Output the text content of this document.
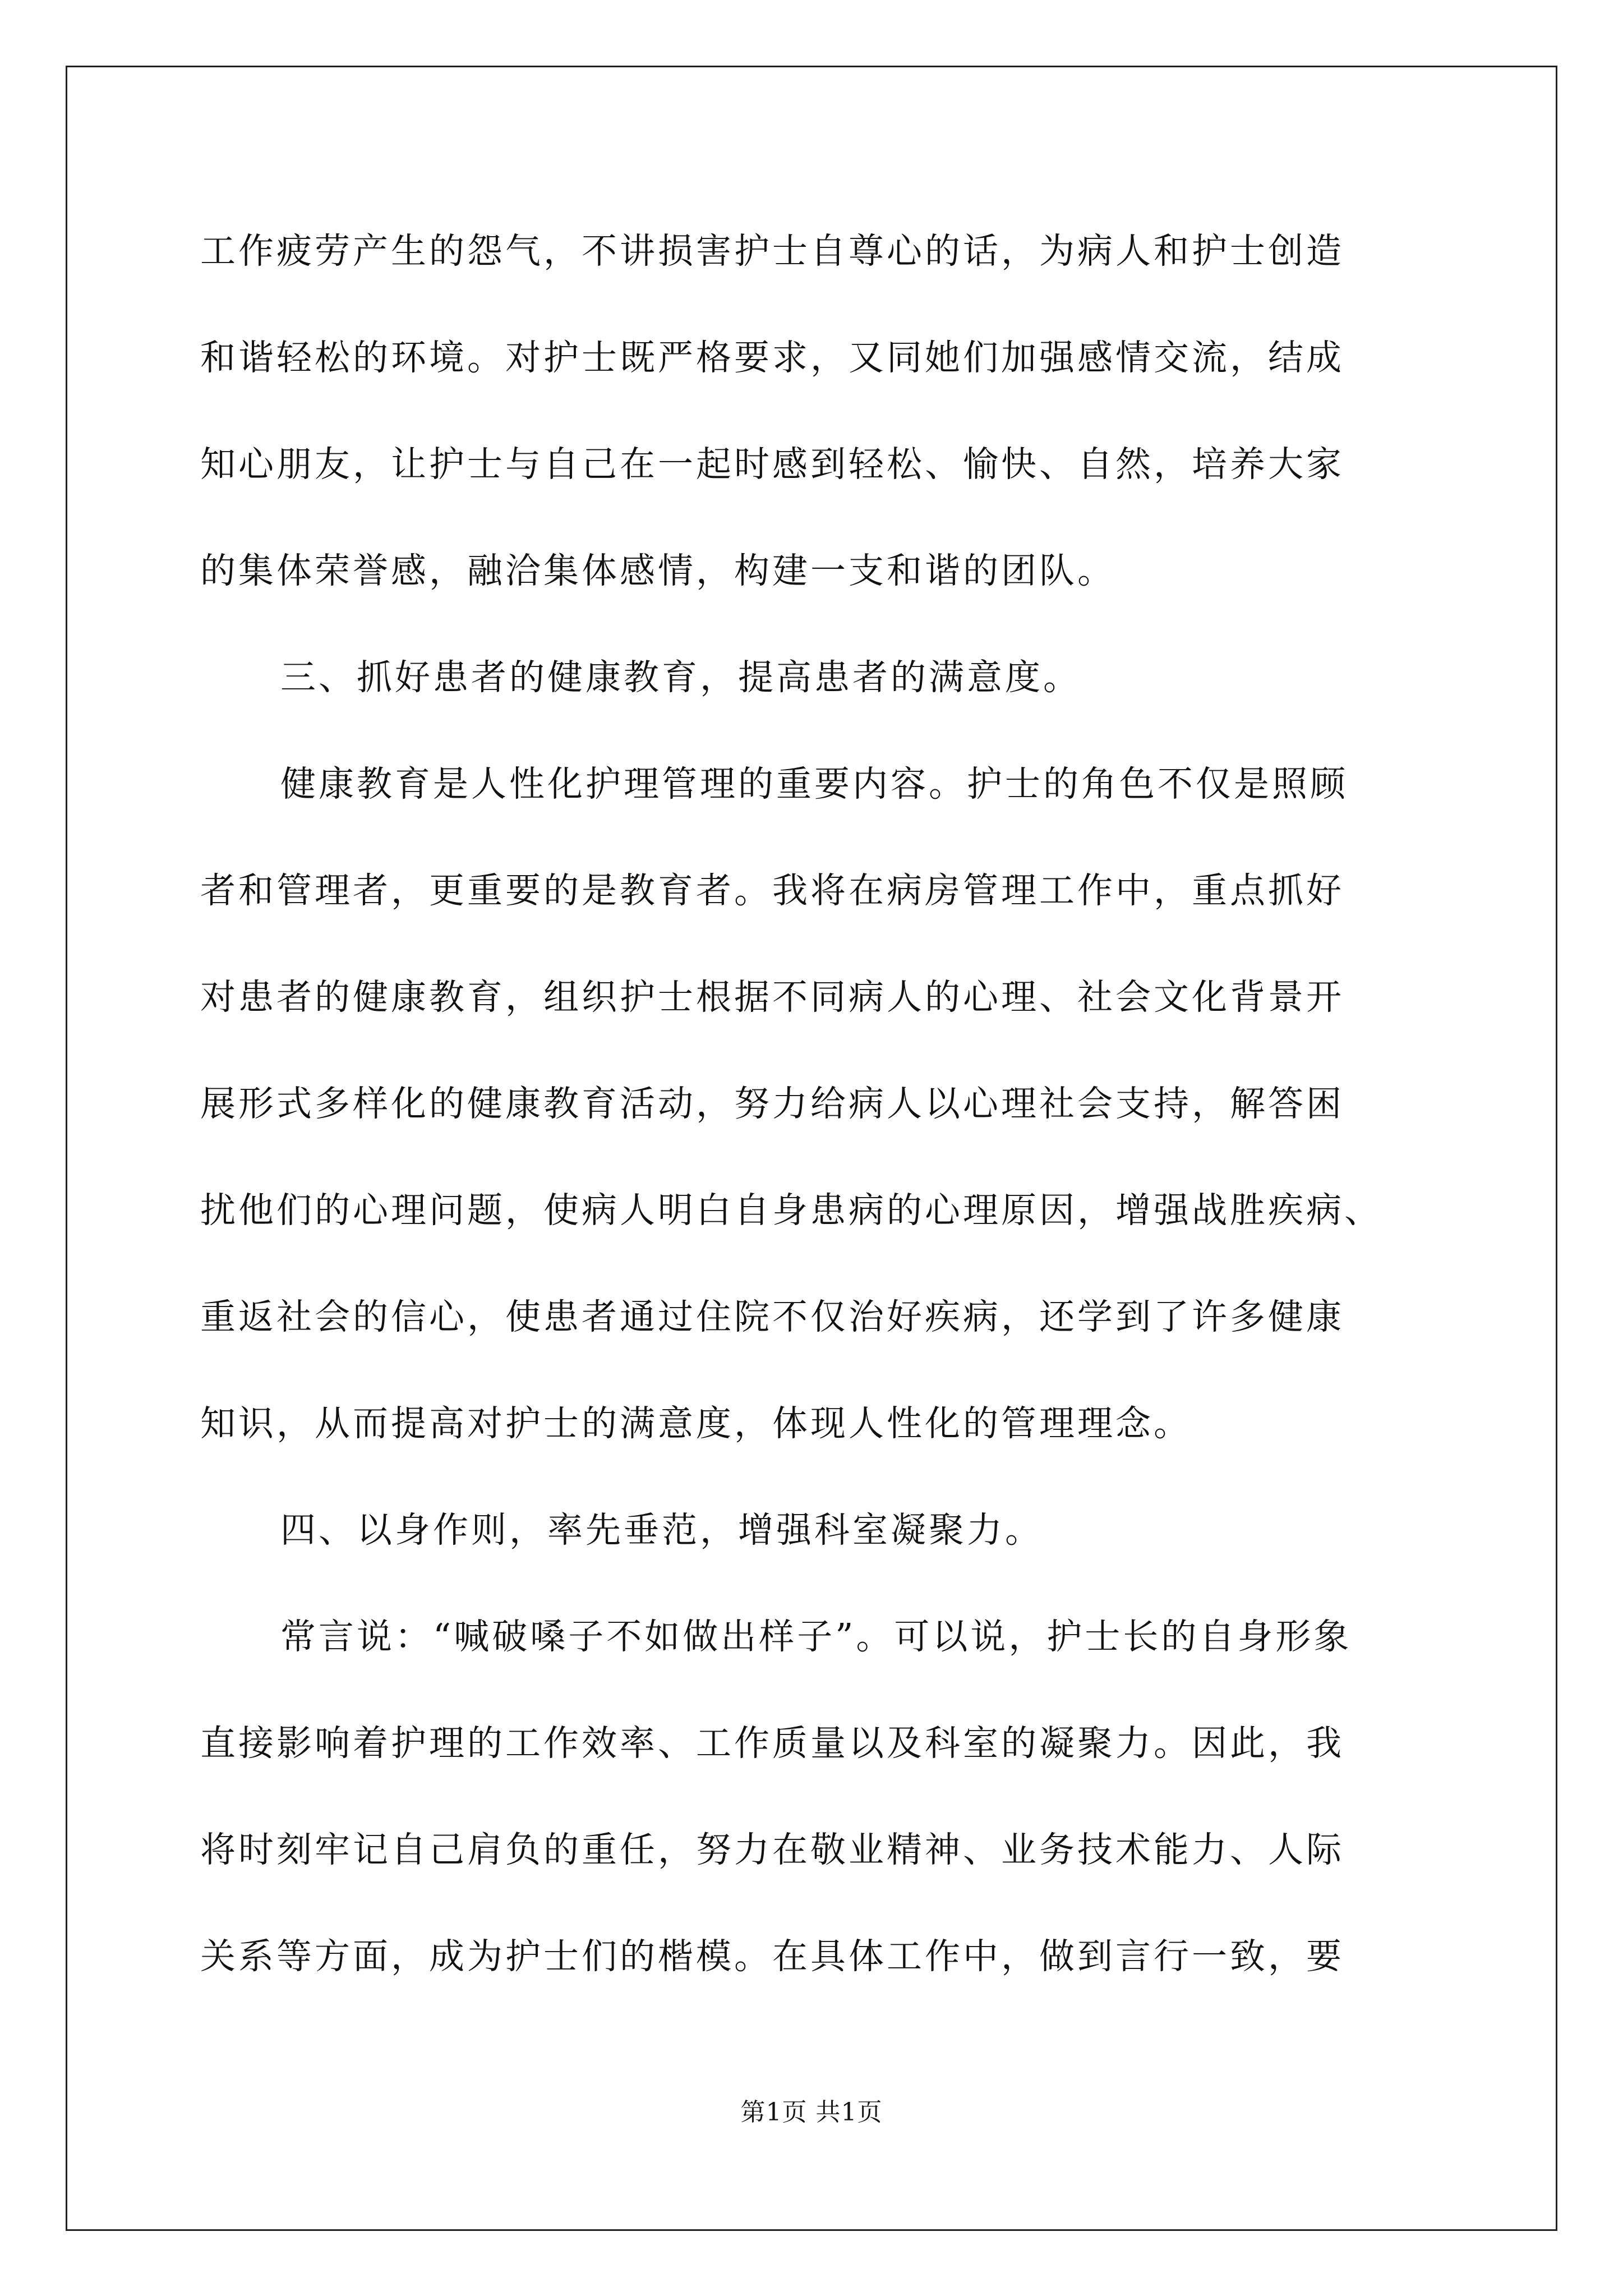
工作疲劳产生的怨气，不讲损害护士自尊心的话，为病人和护士创造
和谐轻松的环境。对护士既严格要求，又同她们加强感情交流，结成
知心朋友，让护士与自己在一起时感到轻松、愉快、自然，培养大家
的集体荣誉感，融洽集体感情，构建一支和谐的团队。
三、抓好患者的健康教育，提高患者的满意度。
健康教育是人性化护理管理的重要内容。护士的角色不仅是照顾
者和管理者，更重要的是教育者。我将在病房管理工作中，重点抓好
对患者的健康教育，组织护士根据不同病人的心理、社会文化背景开
展形式多样化的健康教育活动，努力给病人以心理社会支持，解答困
扰他们的心理问题，使病人明白自身患病的心理原因，增强战胜疾病、
重返社会的信心，使患者通过住院不仅治好疾病，还学到了许多健康
知识，从而提高对护士的满意度，体现人性化的管理理念。
四、以身作则，率先垂范，增强科室凝聚力。
常言说：“喊破嗓子不如做出样子”。可以说，护士长的自身形象
直接影响着护理的工作效率、工作质量以及科室的凝聚力。因此，我
将时刻牢记自己肩负的重任，努力在敬业精神、业务技术能力、人际
关系等方面，成为护士们的楷模。在具体工作中，做到言行一致，要
第1页 共1页
